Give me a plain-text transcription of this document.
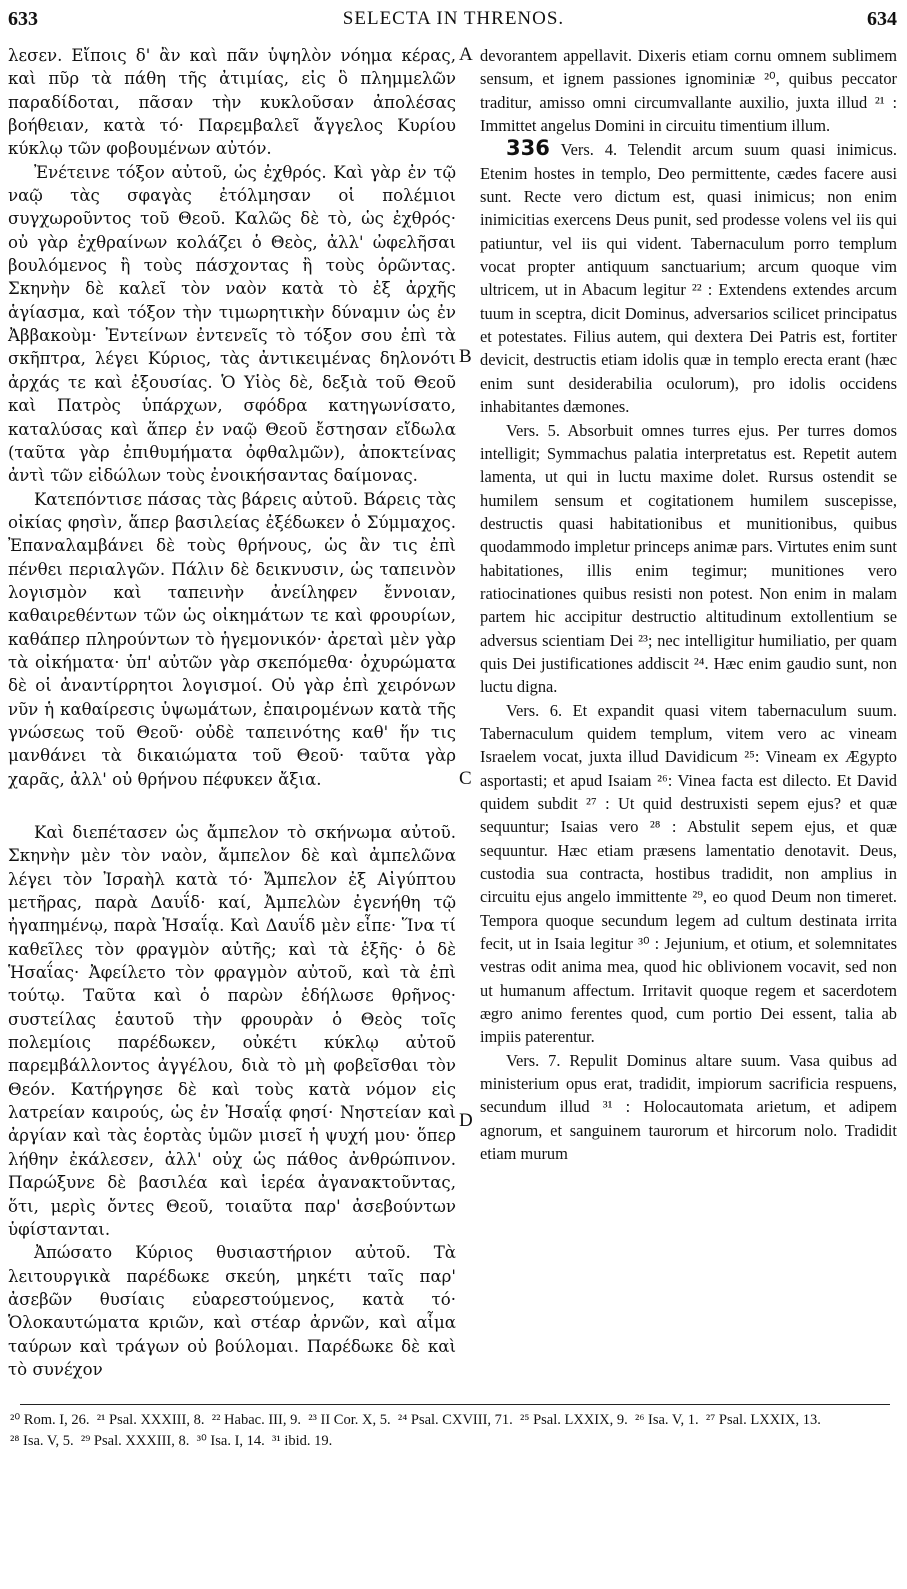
633	SELECTA IN THRENOS.	634
A
B
C
D

λεσεν. Εἴποις δ' ἂν καὶ πᾶν ὑψηλὸν νόημα κέρας, καὶ πῦρ τὰ πάθη τῆς ἀτιμίας, εἰς ὃ πλημμελῶν παραδίδοται, πᾶσαν τὴν κυκλοῦσαν ἀπολέσας βοήθειαν, κατὰ τό· Παρεμβαλεῖ ἄγγελος Κυρίου κύκλῳ τῶν φοβουμένων αὐτόν.

Ἐνέτεινε τόξον αὐτοῦ, ὡς ἐχθρός. Καὶ γὰρ ἐν τῷ ναῷ τὰς σφαγὰς ἐτόλμησαν οἱ πολέμιοι συγχωροῦντος τοῦ Θεοῦ. Καλῶς δὲ τὸ, ὡς ἐχθρός· οὐ γὰρ ἐχθραίνων κολάζει ὁ Θεὸς, ἀλλ' ὠφελῆσαι βουλόμενος ἢ τοὺς πάσχοντας ἢ τοὺς ὁρῶντας. Σκηνὴν δὲ καλεῖ τὸν ναὸν κατὰ τὸ ἐξ ἀρχῆς ἁγίασμα, καὶ τόξον τὴν τιμωρητικὴν δύναμιν ὡς ἐν Ἀββακοὺμ· Ἐντείνων ἐντενεῖς τὸ τόξον σου ἐπὶ τὰ σκῆπτρα, λέγει Κύριος, τὰς ἀντικειμένας δηλονότι ἀρχάς τε καὶ ἐξουσίας. Ὁ Υἱὸς δὲ, δεξιὰ τοῦ Θεοῦ καὶ Πατρὸς ὑπάρχων, σφόδρα κατηγωνίσατο, καταλύσας καὶ ἅπερ ἐν ναῷ Θεοῦ ἔστησαν εἴδωλα (ταῦτα γὰρ ἐπιθυμήματα ὀφθαλμῶν), ἀποκτείνας ἀντὶ τῶν εἰδώλων τοὺς ἐνοικήσαντας δαίμονας.

Κατεπόντισε πάσας τὰς βάρεις αὐτοῦ. Βάρεις τὰς οἰκίας φησὶν, ἅπερ βασιλείας ἐξέδωκεν ὁ Σύμμαχος. Ἐπαναλαμβάνει δὲ τοὺς θρήνους, ὡς ἂν τις ἐπὶ πένθει περιαλγῶν. Πάλιν δὲ δεικνυσιν, ὡς ταπεινὸν λογισμὸν καὶ ταπεινὴν ἀνείληφεν ἔννοιαν, καθαιρεθέντων τῶν ὡς οἰκημάτων τε καὶ φρουρίων, καθάπερ πληρούντων τὸ ἡγεμονικόν· ἀρεταὶ μὲν γὰρ τὰ οἰκήματα· ὑπ' αὐτῶν γὰρ σκεπόμεθα· ὀχυρώματα δὲ οἱ ἀναντίρρητοι λογισμοί. Οὐ γὰρ ἐπὶ χειρόνων νῦν ἡ καθαίρεσις ὑψωμάτων, ἐπαιρομένων κατὰ τῆς γνώσεως τοῦ Θεοῦ· οὐδὲ ταπεινότης καθ' ἥν τις μανθάνει τὰ δικαιώματα τοῦ Θεοῦ· ταῦτα γὰρ χαρᾶς, ἀλλ' οὐ θρήνου πέφυκεν ἄξια.

Καὶ διεπέτασεν ὡς ἄμπελον τὸ σκήνωμα αὐτοῦ. Σκηνὴν μὲν τὸν ναὸν, ἄμπελον δὲ καὶ ἀμπελῶνα λέγει τὸν Ἰσραὴλ κατὰ τό· Ἄμπελον ἐξ Αἰγύπτου μετῆρας, παρὰ Δαυΐδ· καί, Ἀμπελὼν ἐγενήθη τῷ ἠγαπημένῳ, παρὰ Ἡσαΐᾳ. Καὶ Δαυΐδ μὲν εἶπε· Ἵνα τί καθεῖλες τὸν φραγμὸν αὐτῆς; καὶ τὰ ἑξῆς· ὁ δὲ Ἡσαΐας· Ἀφείλετο τὸν φραγμὸν αὐτοῦ, καὶ τὰ ἐπὶ τούτῳ. Ταῦτα καὶ ὁ παρὼν ἐδήλωσε θρῆνος· συστείλας ἑαυτοῦ τὴν φρουρὰν ὁ Θεὸς τοῖς πολεμίοις παρέδωκεν, οὐκέτι κύκλῳ αὐτοῦ παρεμβάλλοντος ἀγγέλου, διὰ τὸ μὴ φοβεῖσθαι τὸν Θεόν. Κατήργησε δὲ καὶ τοὺς κατὰ νόμον εἰς λατρείαν καιρούς, ὡς ἐν Ἡσαΐᾳ φησί· Νηστείαν καὶ ἀργίαν καὶ τὰς ἑορτὰς ὑμῶν μισεῖ ἡ ψυχή μου· ὅπερ λήθην ἐκάλεσεν, ἀλλ' οὐχ ὡς πάθος ἀνθρώπινον. Παρώξυνε δὲ βασιλέα καὶ ἱερέα ἀγανακτοῦντας, ὅτι, μερὶς ὄντες Θεοῦ, τοιαῦτα παρ' ἀσεβούντων ὑφίστανται.

Ἀπώσατο Κύριος θυσιαστήριον αὐτοῦ. Τὰ λειτουργικὰ παρέδωκε σκεύη, μηκέτι ταῖς παρ' ἀσεβῶν θυσίαις εὐαρεστούμενος, κατὰ τό· Ὁλοκαυτώματα κριῶν, καὶ στέαρ ἀρνῶν, καὶ αἷμα ταύρων καὶ τράγων οὐ βούλομαι. Παρέδωκε δὲ καὶ τὸ συνέχον

devorantem appellavit. Dixeris etiam cornu omnem sublimem sensum, et ignem passiones ignominiæ ²⁰, quibus peccator traditur, amisso omni circumvallante auxilio, juxta illud ²¹ : Immittet angelus Domini in circuitu timentium illum.

336 Vers. 4. Telendit arcum suum quasi inimicus. Etenim hostes in templo, Deo permittente, cædes facere ausi sunt. Recte vero dictum est, quasi inimicus; non enim inimicitias exercens Deus punit, sed prodesse volens vel iis qui patiuntur, vel iis qui vident. Tabernaculum porro templum vocat propter antiquum sanctuarium; arcum quoque vim ultricem, ut in Abacum legitur ²² : Extendens extendes arcum tuum in sceptra, dicit Dominus, adversarios scilicet principatus et potestates. Filius autem, qui dextera Dei Patris est, fortiter devicit, destructis etiam idolis quæ in templo erecta erant (hæc enim sunt desiderabilia oculorum), pro idolis occidens inhabitantes dæmones.

Vers. 5. Absorbuit omnes turres ejus. Per turres domos intelligit; Symmachus palatia interpretatus est. Repetit autem lamenta, ut qui in luctu maxime dolet. Rursus ostendit se humilem sensum et cogitationem humilem suscepisse, destructis quasi habitationibus et munitionibus, quibus quodammodo impletur princeps animæ pars. Virtutes enim sunt habitationes, illis enim tegimur; munitiones vero ratiocinationes quibus resisti non potest. Non enim in malam partem hic accipitur destructio altitudinum extollentium se adversus scientiam Dei ²³; nec intelligitur humiliatio, per quam quis Dei justificationes addiscit ²⁴. Hæc enim gaudio sunt, non luctu digna.

Vers. 6. Et expandit quasi vitem tabernaculum suum. Tabernaculum quidem templum, vitem vero ac vineam Israelem vocat, juxta illud Davidicum ²⁵: Vineam ex Ægypto asportasti; et apud Isaiam ²⁶: Vinea facta est dilecto. Et David quidem subdit ²⁷ : Ut quid destruxisti sepem ejus? et quæ sequuntur; Isaias vero ²⁸ : Abstulit sepem ejus, et quæ sequuntur. Hæc etiam præsens lamentatio denotavit. Deus, custodia sua contracta, hostibus tradidit, non amplius in circuitu ejus angelo immittente ²⁹, eo quod Deum non timeret. Tempora quoque secundum legem ad cultum destinata irrita fecit, ut in Isaia legitur ³⁰ : Jejunium, et otium, et solemnitates vestras odit anima mea, quod hic oblivionem vocavit, sed non ut humanum affectum. Irritavit quoque regem et sacerdotem ægro animo ferentes quod, cum portio Dei essent, talia ab impiis paterentur.

Vers. 7. Repulit Dominus altare suum. Vasa quibus ad ministerium opus erat, tradidit, impiorum sacrificia respuens, secundum illud ³¹ : Holocautomata arietum, et adipem agnorum, et sanguinem taurorum et hircorum nolo. Tradidit etiam murum

²⁰ Rom. I, 26. ²¹ Psal. XXXIII, 8. ²² Habac. III, 9. ²³ II Cor. X, 5. ²⁴ Psal. CXVIII, 71. ²⁵ Psal. LXXIX, 9. ²⁶ Isa. V, 1. ²⁷ Psal. LXXIX, 13.  ²⁸ Isa. V, 5. ²⁹ Psal. XXXIII, 8. ³⁰ Isa. I, 14. ³¹ ibid. 19.
